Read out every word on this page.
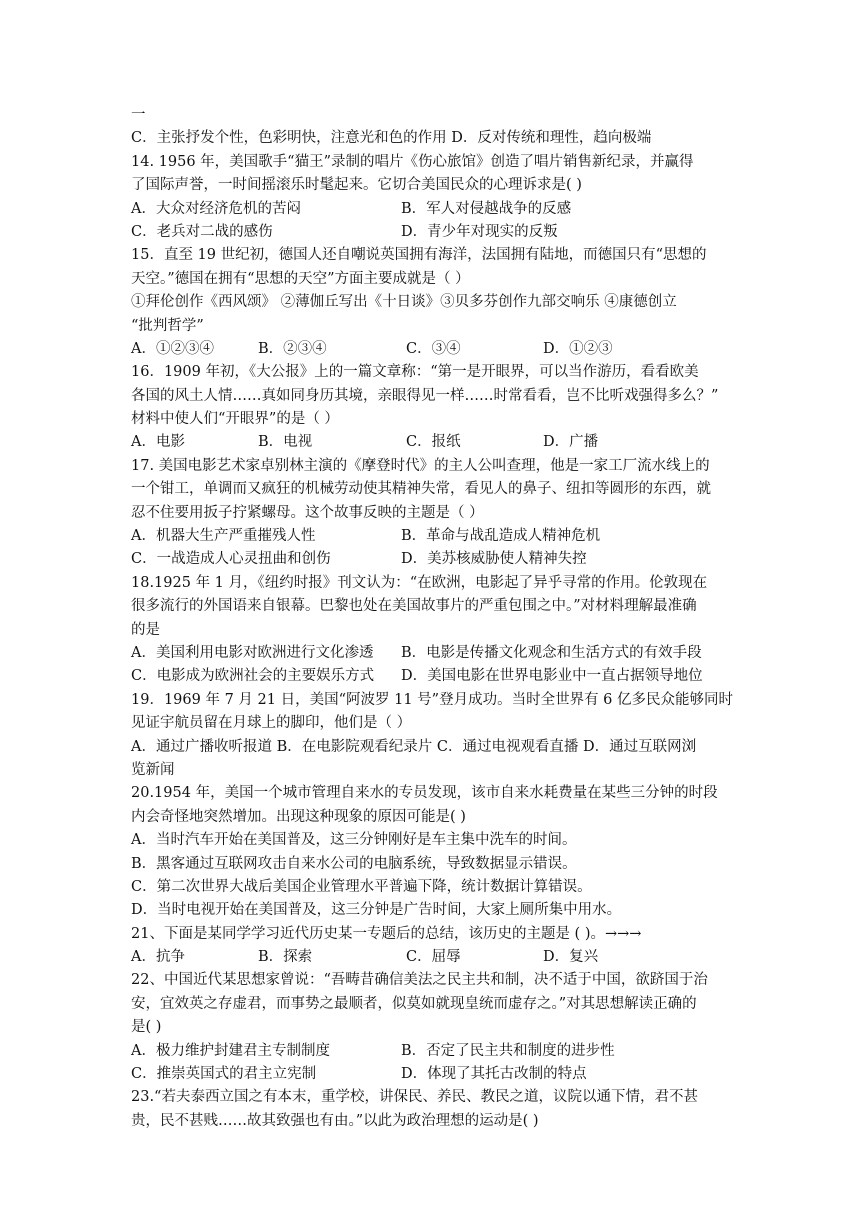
一
C．主张抒发个性，色彩明快，注意光和色的作用 D．反对传统和理性，趋向极端
14. 1956 年，美国歌手“猫王”录制的唱片《伤心旅馆》创造了唱片销售新纪录，并赢得
了国际声誉，一时间摇滚乐时髦起来。它切合美国民众的心理诉求是( )
A．大众对经济危机的苦闷	B．军人对侵越战争的反感
C．老兵对二战的感伤	D．青少年对现实的反叛
15．直至 19 世纪初，德国人还自嘲说英国拥有海洋，法国拥有陆地，而德国只有“思想的
天空。”德国在拥有“思想的天空”方面主要成就是（ ）
①拜伦创作《西风颂》 ②薄伽丘写出《十日谈》③贝多芬创作九部交响乐 ④康德创立
“批判哲学”
A．①②③④	B．②③④	C．③④	D．①②③
16．1909 年初，《大公报》上的一篇文章称：“第一是开眼界，可以当作游历，看看欧美
各国的风土人情……真如同身历其境，亲眼得见一样……时常看看，岂不比听戏强得多么？”
材料中使人们“开眼界”的是（ ）
A．电影	B．电视	C．报纸	D．广播
17. 美国电影艺术家卓别林主演的《摩登时代》的主人公叫查理，他是一家工厂流水线上的
一个钳工，单调而又疯狂的机械劳动使其精神失常，看见人的鼻子、纽扣等圆形的东西，就
忍不住要用扳子拧紧螺母。这个故事反映的主题是（ ）
A．机器大生产严重摧残人性	B．革命与战乱造成人精神危机
C．一战造成人心灵扭曲和创伤	D．美苏核威胁使人精神失控
18.1925 年 1 月，《纽约时报》刊文认为：“在欧洲，电影起了异乎寻常的作用。伦敦现在
很多流行的外国语来自银幕。巴黎也处在美国故事片的严重包围之中。”对材料理解最准确
的是
A．美国利用电影对欧洲进行文化渗透	B．电影是传播文化观念和生活方式的有效手段
C．电影成为欧洲社会的主要娱乐方式	D．美国电影在世界电影业中一直占据领导地位
19．1969 年 7 月 21 日，美国“阿波罗 11 号”登月成功。当时全世界有 6 亿多民众能够同时
见证宇航员留在月球上的脚印，他们是（ ）
A．通过广播收听报道 B．在电影院观看纪录片 C．通过电视观看直播 D．通过互联网浏
览新闻
20.1954 年，美国一个城市管理自来水的专员发现，该市自来水耗费量在某些三分钟的时段
内会奇怪地突然增加。出现这种现象的原因可能是( )
A．当时汽车开始在美国普及，这三分钟刚好是车主集中洗车的时间。
B．黑客通过互联网攻击自来水公司的电脑系统，导致数据显示错误。
C．第二次世界大战后美国企业管理水平普遍下降，统计数据计算错误。
D．当时电视开始在美国普及，这三分钟是广告时间，大家上厕所集中用水。
21、下面是某同学学习近代历史某一专题后的总结，该历史的主题是 ( )。→→→
A．抗争	B．探索	C．屈辱	D．复兴
22、中国近代某思想家曾说：“吾畴昔确信美法之民主共和制，决不适于中国，欲跻国于治
安，宜效英之存虚君，而事势之最顺者，似莫如就现皇统而虚存之。”对其思想解读正确的
是( )
A．极力维护封建君主专制制度	B．否定了民主共和制度的进步性
C．推崇英国式的君主立宪制	D．体现了其托古改制的特点
23.“若夫泰西立国之有本末，重学校，讲保民、养民、教民之道，议院以通下情，君不甚
贵，民不甚贱……故其致强也有由。”以此为政治理想的运动是( )
